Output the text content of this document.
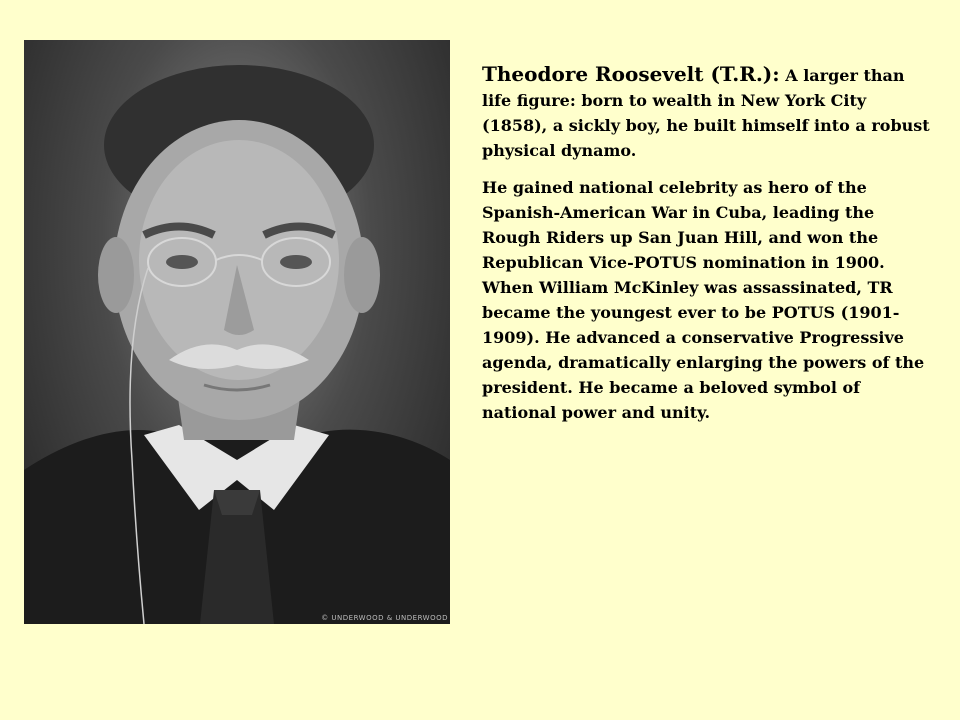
© UNDERWOOD & UNDERWOOD

Theodore Roosevelt (T.R.): A larger than life figure: born to wealth in New York City (1858), a sickly boy, he built himself into a robust physical dynamo.

He gained national celebrity as hero of the Spanish-American War in Cuba, leading the Rough Riders up San Juan Hill, and won the Republican Vice-POTUS nomination in 1900. When William McKinley was assassinated, TR became the youngest ever to be POTUS (1901-1909). He advanced a conservative Progressive agenda, dramatically enlarging the powers of the president. He became a beloved symbol of national power and unity.
